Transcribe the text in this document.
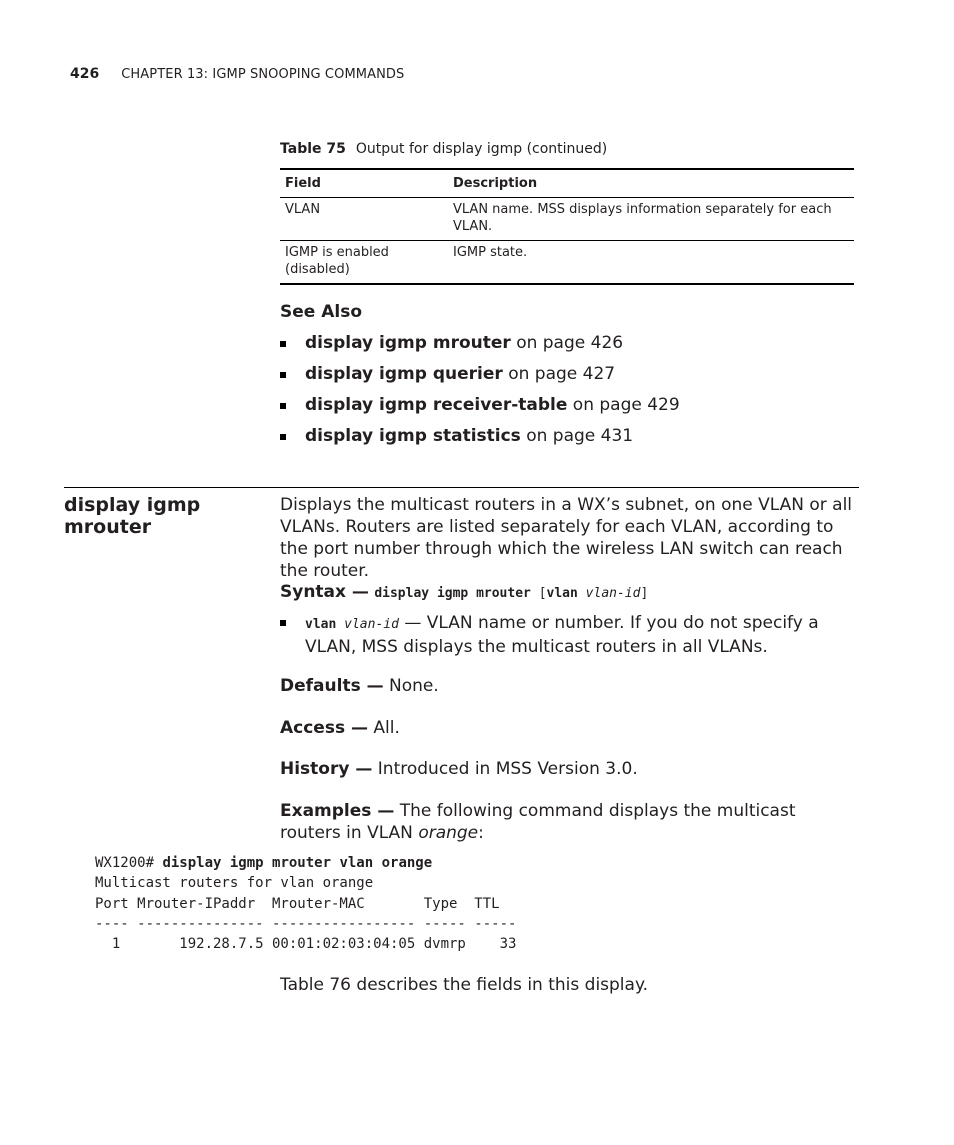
426 CHAPTER 13: IGMP SNOOPING COMMANDS
Table 75 Output for display igmp (continued)
Field	Description
VLAN	VLAN name. MSS displays information separately for each VLAN.
IGMP is enabled (disabled)	IGMP state.
See Also
display igmp mrouter on page 426
display igmp querier on page 427
display igmp receiver-table on page 429
display igmp statistics on page 431
display igmp mrouter
Displays the multicast routers in a WX’s subnet, on one VLAN or all VLANs. Routers are listed separately for each VLAN, according to the port number through which the wireless LAN switch can reach the router.
Syntax — display igmp mrouter [vlan vlan-id]
vlan vlan-id — VLAN name or number. If you do not specify a VLAN, MSS displays the multicast routers in all VLANs.
Defaults — None.
Access — All.
History — Introduced in MSS Version 3.0.
Examples — The following command displays the multicast routers in VLAN orange:
WX1200# display igmp mrouter vlan orange
Multicast routers for vlan orange
Port Mrouter-IPaddr  Mrouter-MAC       Type  TTL
---- --------------- ----------------- ----- -----
1       192.28.7.5 00:01:02:03:04:05 dvmrp    33
Table 76 describes the fields in this display.
